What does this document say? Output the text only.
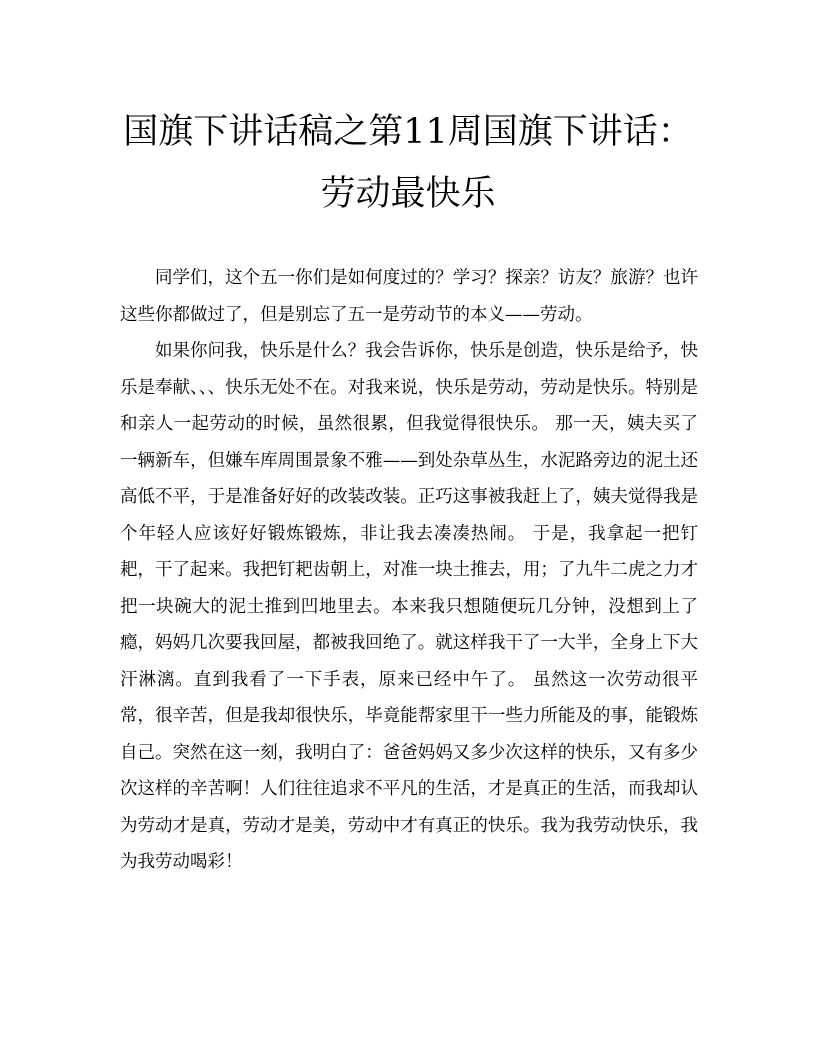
国旗下讲话稿之第11周国旗下讲话：
劳动最快乐

同学们，这个五一你们是如何度过的？学习？探亲？访友？旅游？也许这些你都做过了，但是别忘了五一是劳动节的本义——劳动。

如果你问我，快乐是什么？我会告诉你，快乐是创造，快乐是给予，快乐是奉献、、、快乐无处不在。对我来说，快乐是劳动，劳动是快乐。特别是和亲人一起劳动的时候，虽然很累，但我觉得很快乐。 那一天，姨夫买了一辆新车，但嫌车库周围景象不雅——到处杂草丛生，水泥路旁边的泥土还高低不平，于是准备好好的改装改装。正巧这事被我赶上了，姨夫觉得我是个年轻人应该好好锻炼锻炼，非让我去凑凑热闹。 于是，我拿起一把钉耙，干了起来。我把钉耙齿朝上，对准一块土推去，用；了九牛二虎之力才把一块碗大的泥土推到凹地里去。本来我只想随便玩几分钟，没想到上了瘾，妈妈几次要我回屋，都被我回绝了。就这样我干了一大半，全身上下大汗淋漓。直到我看了一下手表，原来已经中午了。 虽然这一次劳动很平常，很辛苦，但是我却很快乐，毕竟能帮家里干一些力所能及的事，能锻炼自己。突然在这一刻，我明白了：爸爸妈妈又多少次这样的快乐，又有多少次这样的辛苦啊！人们往往追求不平凡的生活，才是真正的生活，而我却认为劳动才是真，劳动才是美，劳动中才有真正的快乐。我为我劳动快乐，我为我劳动喝彩！
